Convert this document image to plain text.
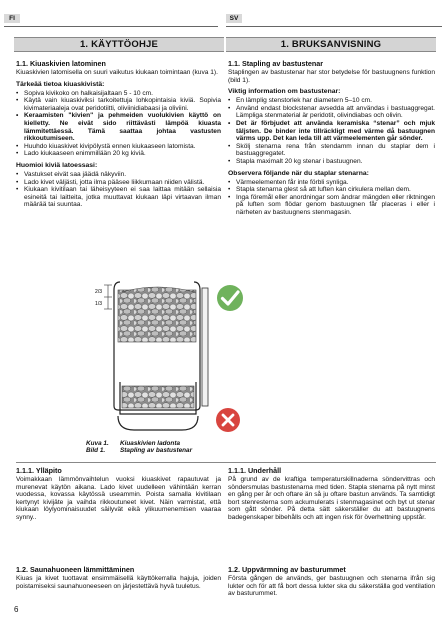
FI	SV
1. KÄYTTÖOHJE	1. BRUKSANVISNING
1.1. Kiuaskivien latominen

Kiuaskivien latomisella on suuri vaikutus kiukaan toimintaan (kuva 1).

Tärkeää tietoa kiuaskivistä:
• Sopiva kivikoko on halkaisijaltaan 5 - 10 cm.
• Käytä vain kiuaskiviksi tarkoitettuja lohkopintaisia kiviä. Sopivia kivimateriaaleja ovat peridotiitti, oliviinidiabaasi ja oliviini.
• Keraamisten "kivien" ja pehmeiden vuolukivien käyttö on kielletty. Ne eivät sido riittävästi lämpöä kiuasta lämmitettäessä. Tämä saattaa johtaa vastusten rikkoutumiseen.
• Huuhdo kiuaskivet kivipölystä ennen kiukaaseen latomista.
• Lado kiukaaseen enimmillään 20 kg kiviä.
Huomioi kiviä latoessasi:
• Vastukset eivät saa jäädä näkyviin.
• Lado kivet väljästi, jotta ilma pääsee liikkumaan niiden välistä.
• Kiukaan kivitilaan tai läheisyyteen ei saa laittaa mitään sellaisia esineitä tai laitteita, jotka muuttavat kiukaan läpi virtaavan ilman määrää tai suuntaa.
1.1. Stapling av bastustenar

Staplingen av bastustenar har stor betydelse för bastuugnens funktion (bild 1).

Viktig information om bastustenar:
• En lämplig stenstorlek har diametern 5–10 cm.
• Använd endast blockstenar avsedda att användas i bastuaggregat. Lämpliga stenmaterial är peridotit, olivindiabas och olivin.
• Det är förbjudet att använda keramiska “stenar” och mjuk täljsten. De binder inte tillräckligt med värme då bastuugnen värms upp. Det kan leda till att värmeelementen går sönder.
• Skölj stenarna rena från stendamm innan du staplar dem i bastuaggregatet.
• Stapla maximalt 20 kg stenar i bastuugnen.
Observera följande när du staplar stenarna:
• Värmeelementen får inte förbli synliga.
• Stapla stenarna glest så att luften kan cirkulera mellan dem.
• Inga föremål eller anordningar som ändrar mängden eller riktningen på luften som flödar genom bastuugnen får placeras i eller i närheten av bastuugnens stenmagasin.
2/3
1/3
Kuva 1. Kiuaskivien ladonta
Bild 1. Stapling av bastustenar
1.1.1. Ylläpito

Voimakkaan lämmönvaihtelun vuoksi kiuaskivet rapautuvat ja murenevat käytön aikana. Lado kivet uudelleen vähintään kerran vuodessa, kovassa käytössä useammin. Poista samalla kivitilaan kertynyt kivijäte ja vaihda rikkoutuneet kivet. Näin varmistat, että kiukaan löylyominaisuudet säilyvät eikä ylikuumenemisen vaaraa synny..

1.2. Saunahuoneen lämmittäminen

Kiuas ja kivet tuottavat ensimmäisellä käyttökerralla hajuja, joiden poistamiseksi saunahuoneeseen on järjestettävä hyvä tuuletus.

1.1.1. Underhåll

På grund av de kraftiga temperaturskillnaderna söndervittras och söndersmulas bastustenarna med tiden. Stapla stenarna på nytt minst en gång per år och oftare än så ju oftare bastun används. Ta samtidigt bort stenresterna som ackumulerats i stenmagasinet och byt ut stenar som gått sönder. På detta sätt säkerställer du att bastuugnens badegenskaper bibehålls och att ingen risk för överhettning uppstår.

1.2. Uppvärmning av basturummet

Första gången de används, ger bastuugnen och stenarna ifrån sig lukter och för att få bort dessa lukter ska du säkerställa god ventilation av basturummet.

6
